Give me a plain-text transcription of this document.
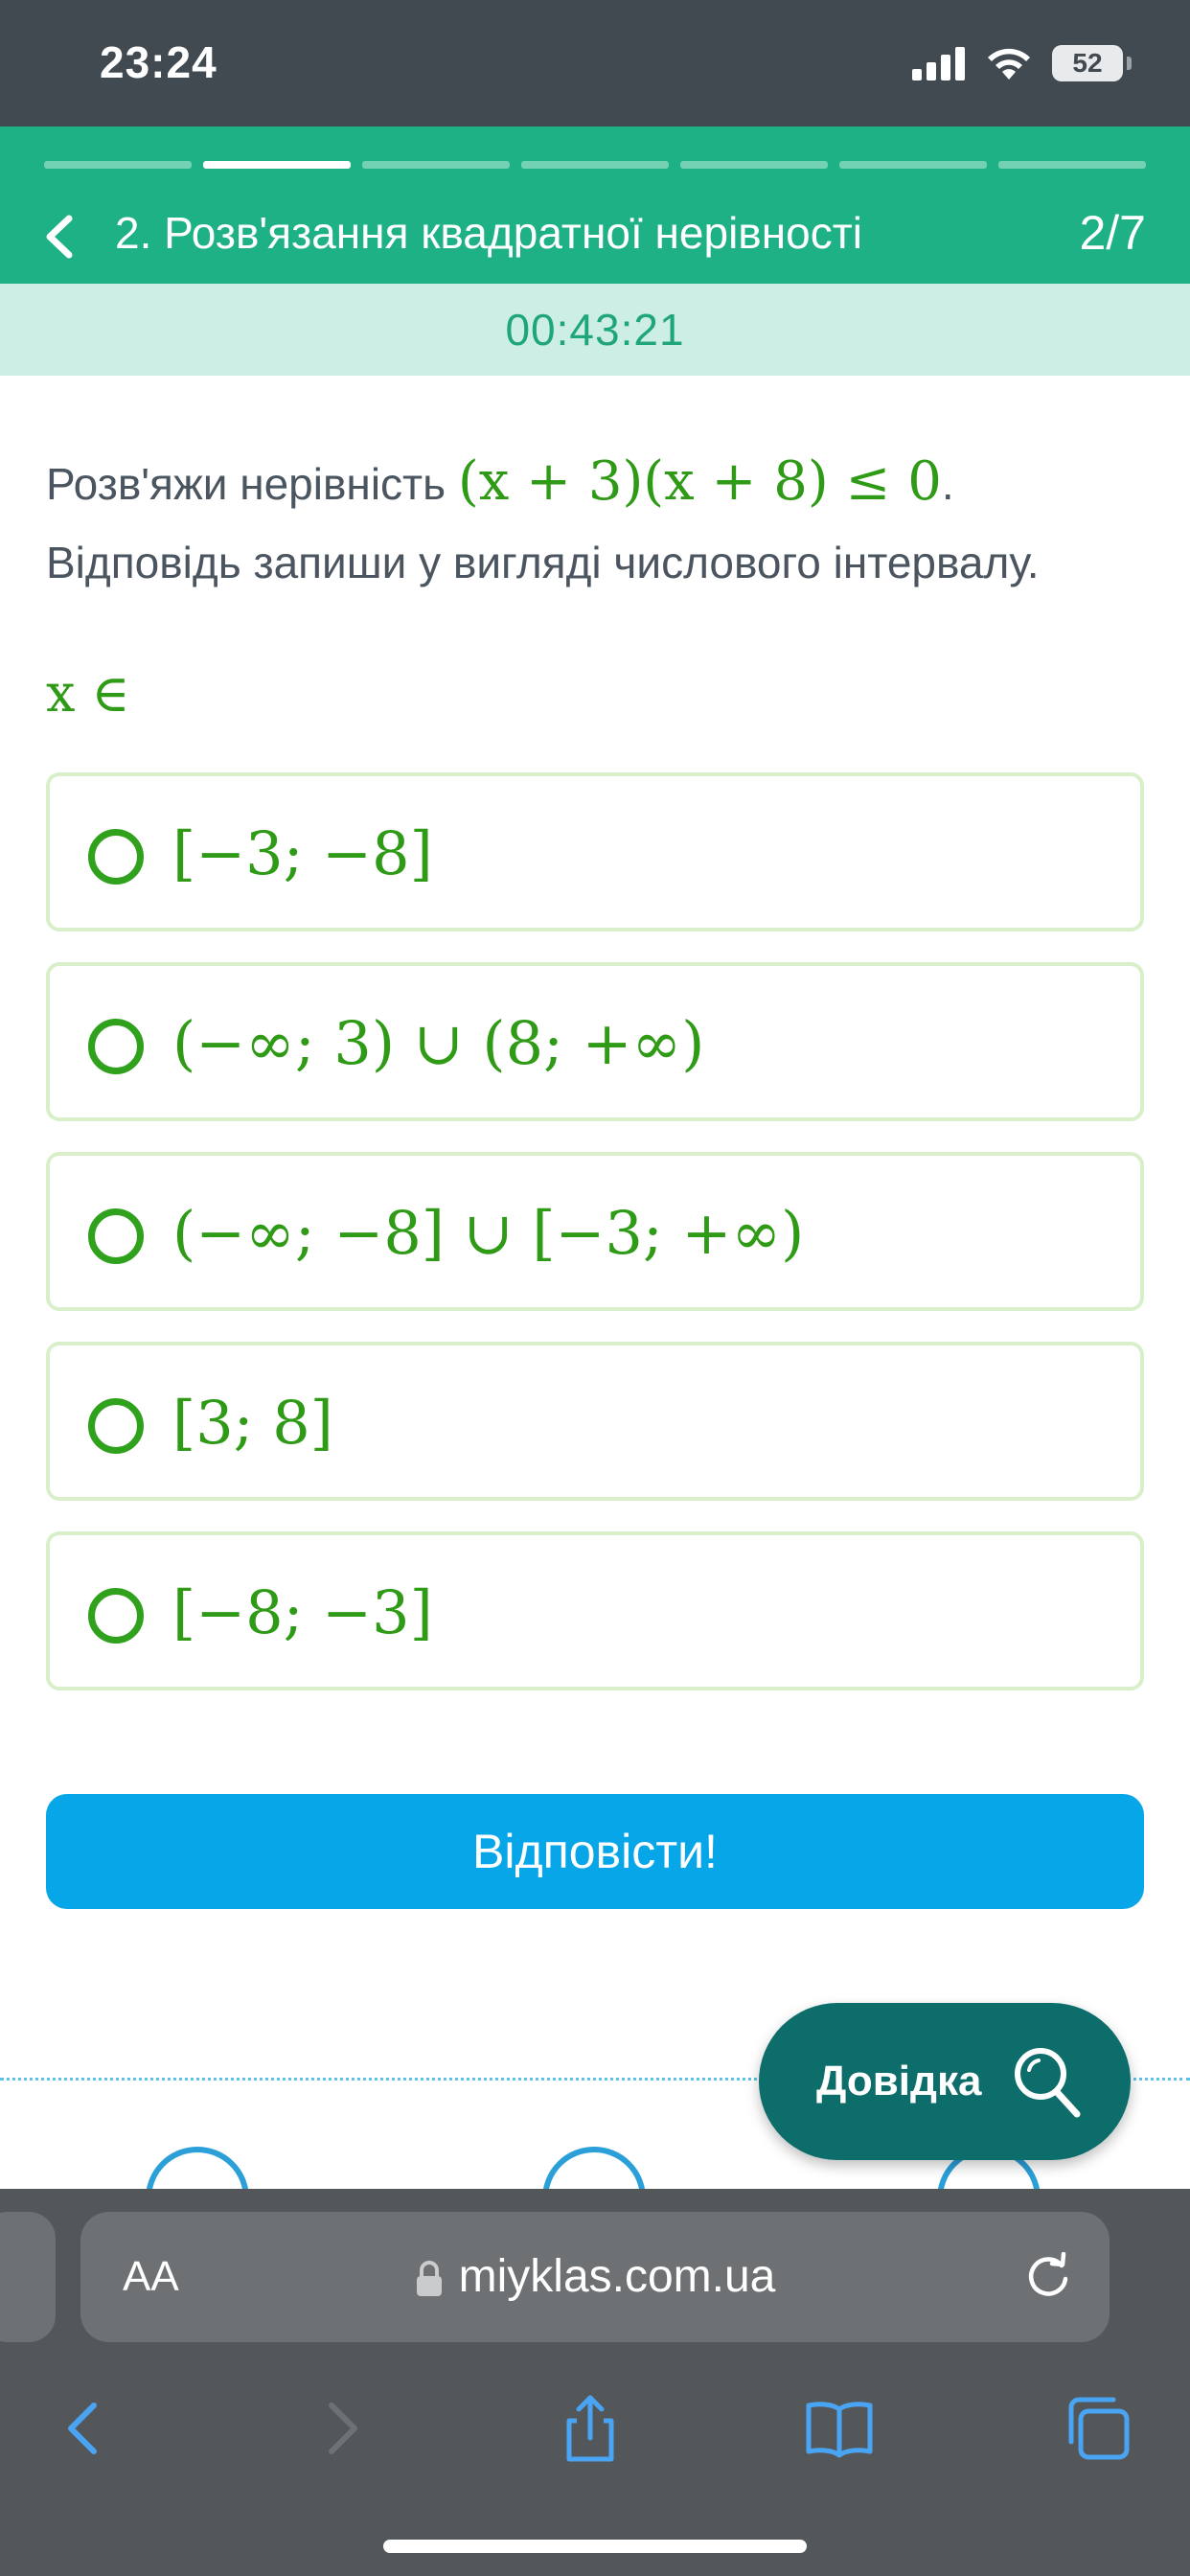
23:24	52
2. Розв'язання квадратної нерівності	2/7
00:43:21
Розв'яжи нерівність (x + 3)(x + 8) ≤ 0.
Відповідь запиши у вигляді числового інтервалу.
x ∈
[−3; −8]
(−∞; 3) ∪ (8; +∞)
(−∞; −8] ∪ [−3; +∞)
[3; 8]
[−8; −3]
Відповісти!
Довідка
AA	miyklas.com.ua
